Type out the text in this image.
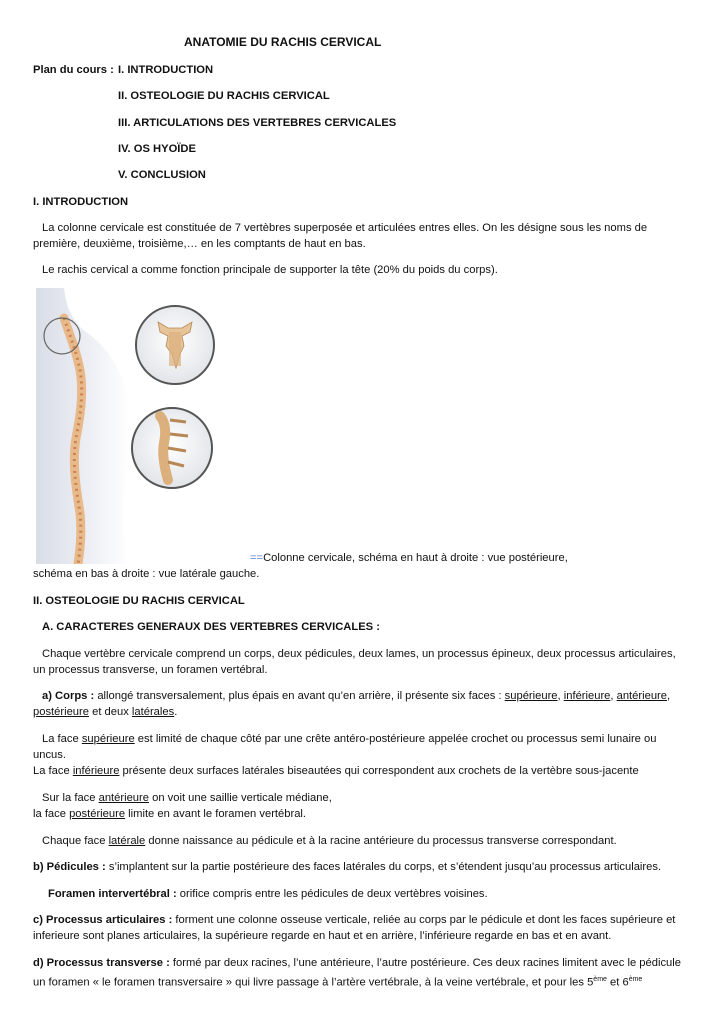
ANATOMIE DU RACHIS CERVICAL
Plan du cours : I. INTRODUCTION
II. OSTEOLOGIE DU RACHIS CERVICAL
III. ARTICULATIONS DES VERTEBRES CERVICALES
IV. OS HYOÏDE
V. CONCLUSION
I. INTRODUCTION
La colonne cervicale est constituée de 7 vertèbres superposée et articulées entres elles. On les désigne sous les noms de
première, deuxième, troisième,… en les comptants de haut en bas.
Le rachis cervical a comme fonction principale de supporter la tête (20% du poids du corps).
==Colonne cervicale, schéma en haut à droite : vue postérieure,
schéma en bas à droite : vue latérale gauche.
II. OSTEOLOGIE DU RACHIS CERVICAL
A. CARACTERES GENERAUX DES VERTEBRES CERVICALES :
Chaque vertèbre cervicale comprend un corps, deux pédicules, deux lames, un processus épineux, deux processus articulaires,
un processus transverse, un foramen vertébral.
a) Corps : allongé transversalement, plus épais en avant qu’en arrière, il présente six faces : supérieure, inférieure, antérieure,
postérieure et deux latérales.
La face supérieure est limité de chaque côté par une crête antéro-postérieure appelée crochet ou processus semi lunaire ou
uncus.
La face inférieure présente deux surfaces latérales biseautées qui correspondent aux crochets de la vertèbre sous-jacente
Sur la face antérieure on voit une saillie verticale médiane,
la face postérieure limite en avant le foramen vertébral.
Chaque face latérale donne naissance au pédicule et à la racine antérieure du processus transverse correspondant.
b) Pédicules : s’implantent sur la partie postérieure des faces latérales du corps, et s’étendent jusqu’au processus articulaires.
Foramen intervertébral : orifice compris entre les pédicules de deux vertèbres voisines.
c) Processus articulaires : forment une colonne osseuse verticale, reliée au corps par le pédicule et dont les faces supérieure et
inferieure sont planes articulaires, la supérieure regarde en haut et en arrière, l’inférieure regarde en bas et en avant.
d) Processus transverse : formé par deux racines, l’une antérieure, l’autre postérieure. Ces deux racines limitent avec le pédicule
un foramen « le foramen transversaire » qui livre passage à l’artère vertébrale, à la veine vertébrale, et pour les 5ème et 6ème
